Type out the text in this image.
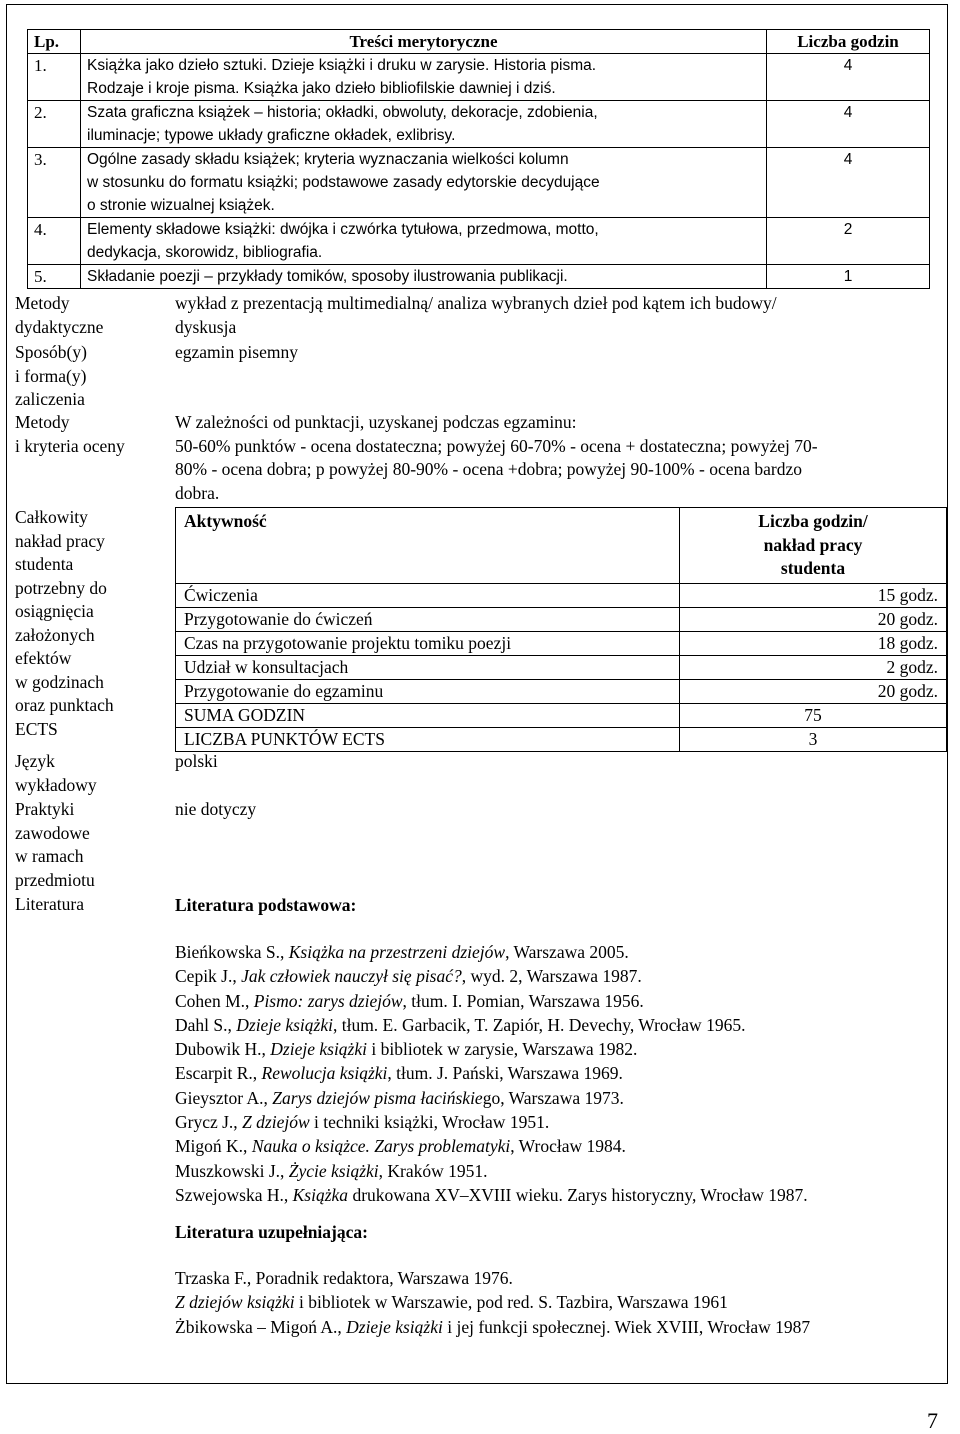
Lp.	Treści merytoryczne	Liczba godzin
1.	Książka jako dzieło sztuki. Dzieje książki i druku w zarysie. Historia pisma.
Rodzaje i kroje pisma. Książka jako dzieło bibliofilskie dawniej i dziś.	4
2.	Szata graficzna książek – historia; okładki, obwoluty, dekoracje, zdobienia,
iluminacje; typowe układy graficzne okładek, exlibrisy.	4
3.	Ogólne zasady składu książek; kryteria wyznaczania wielkości kolumn
w stosunku do formatu książki; podstawowe zasady edytorskie decydujące
o stronie wizualnej książek.	4
4.	Elementy składowe książki: dwójka i czwórka tytułowa, przedmowa, motto,
dedykacja, skorowidz, bibliografia.	2
5.	Składanie poezji – przykłady tomików, sposoby ilustrowania publikacji.	1
Metody
dydaktyczne
wykład z prezentacją multimedialną/ analiza wybranych dzieł pod kątem ich budowy/
dyskusja
Sposób(y)
i forma(y)
zaliczenia
egzamin pisemny
Metody
i kryteria oceny
W zależności od punktacji, uzyskanej podczas egzaminu:
50-60% punktów - ocena dostateczna; powyżej 60-70% - ocena + dostateczna; powyżej 70-
80% - ocena dobra; p powyżej 80-90% - ocena +dobra; powyżej 90-100% - ocena bardzo
dobra.
Całkowity
nakład pracy
studenta
potrzebny do
osiągnięcia
założonych
efektów
w godzinach
oraz punktach
ECTS
Aktywność	Liczba godzin/
nakład pracy
studenta

Ćwiczenia	15 godz.
Przygotowanie do ćwiczeń	20 godz.
Czas na przygotowanie projektu tomiku poezji	18 godz.
Udział w konsultacjach	2 godz.
Przygotowanie do egzaminu	20 godz.
SUMA GODZIN	75
LICZBA PUNKTÓW ECTS	3
Język
wykładowy
polski
Praktyki
zawodowe
w ramach
przedmiotu
nie dotyczy
Literatura	Literatura podstawowa:
Bieńkowska S., Książka na przestrzeni dziejów, Warszawa 2005.
Cepik J., Jak człowiek nauczył się pisać?, wyd. 2, Warszawa 1987.
Cohen M., Pismo: zarys dziejów, tłum. I. Pomian, Warszawa 1956.
Dahl S., Dzieje książki, tłum. E. Garbacik, T. Zapiór, H. Devechy, Wrocław 1965.
Dubowik H., Dzieje książki i bibliotek w zarysie, Warszawa 1982.
Escarpit R., Rewolucja książki, tłum. J. Pański, Warszawa 1969.
Gieysztor A., Zarys dziejów pisma łacińskiego, Warszawa 1973.
Grycz J., Z dziejów i techniki książki, Wrocław 1951.
Migoń K., Nauka o książce. Zarys problematyki, Wrocław 1984.
Muszkowski J., Życie książki, Kraków 1951.
Szwejowska H., Książka drukowana XV–XVIII wieku. Zarys historyczny, Wrocław 1987.
Literatura uzupełniająca:
Trzaska F., Poradnik redaktora, Warszawa 1976.
Z dziejów książki i bibliotek w Warszawie, pod red. S. Tazbira, Warszawa 1961
Żbikowska – Migoń A., Dzieje książki i jej funkcji społecznej. Wiek XVIII, Wrocław 1987
7
